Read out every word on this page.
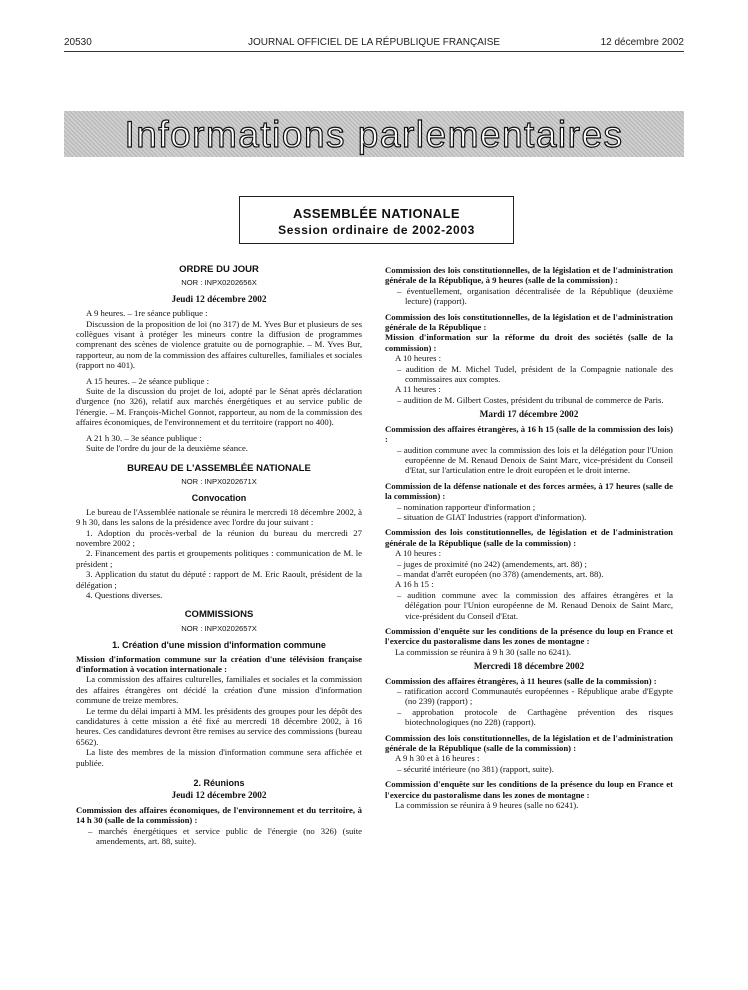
20530	JOURNAL OFFICIEL DE LA RÉPUBLIQUE FRANÇAISE	12 décembre 2002
Informations parlementaires
ASSEMBLÉE NATIONALE
Session ordinaire de 2002-2003
ORDRE DU JOUR
NOR : INPX0202656X
Jeudi 12 décembre 2002

A 9 heures. – 1re séance publique :

Discussion de la proposition de loi (no 317) de M. Yves Bur et plusieurs de ses collègues visant à protéger les mineurs contre la diffusion de programmes comprenant des scènes de violence gratuite ou de pornographie. – M. Yves Bur, rapporteur, au nom de la commission des affaires culturelles, familiales et sociales (rapport no 401).

A 15 heures. – 2e séance publique :

Suite de la discussion du projet de loi, adopté par le Sénat après déclaration d'urgence (no 326), relatif aux marchés énergétiques et au service public de l'énergie. – M. François-Michel Gonnot, rapporteur, au nom de la commission des affaires économiques, de l'environnement et du territoire (rapport no 400).

A 21 h 30. – 3e séance publique :

Suite de l'ordre du jour de la deuxième séance.

BUREAU DE L'ASSEMBLÉE NATIONALE
NOR : INPX0202671X
Convocation

Le bureau de l'Assemblée nationale se réunira le mercredi 18 décembre 2002, à 9 h 30, dans les salons de la présidence avec l'ordre du jour suivant :

1. Adoption du procès-verbal de la réunion du bureau du mercredi 27 novembre 2002 ;

2. Financement des partis et groupements politiques : communication de M. le président ;

3. Application du statut du député : rapport de M. Eric Raoult, président de la délégation ;

4. Questions diverses.

COMMISSIONS
NOR : INPX0202657X
1. Création d'une mission d'information commune

Mission d'information commune sur la création d'une télévision française d'information à vocation internationale :

La commission des affaires culturelles, familiales et sociales et la commission des affaires étrangères ont décidé la création d'une mission d'information commune de treize membres.

Le terme du délai imparti à MM. les présidents des groupes pour les dépôt des candidatures à cette mission a été fixé au mercredi 18 décembre 2002, à 16 heures. Ces candidatures devront être remises au service des commissions (bureau 6562).

La liste des membres de la mission d'information commune sera affichée et publiée.

2. Réunions
Jeudi 12 décembre 2002

Commission des affaires économiques, de l'environnement et du territoire, à 14 h 30 (salle de la commission) :

– marchés énergétiques et service public de l'énergie (no 326) (suite amendements, art. 88, suite).

Commission des lois constitutionnelles, de la législation et de l'administration générale de la République, à 9 heures (salle de la commission) :

– éventuellement, organisation décentralisée de la République (deuxième lecture) (rapport).

Commission des lois constitutionnelles, de la législation et de l'administration générale de la République :

Mission d'information sur la réforme du droit des sociétés (salle de la commission) :

A 10 heures :

– audition de M. Michel Tudel, président de la Compagnie nationale des commissaires aux comptes.

A 11 heures :

– audition de M. Gilbert Costes, président du tribunal de commerce de Paris.

Mardi 17 décembre 2002

Commission des affaires étrangères, à 16 h 15 (salle de la commission des lois) :

– audition commune avec la commission des lois et la délégation pour l'Union européenne de M. Renaud Denoix de Saint Marc, vice-président du Conseil d'Etat, sur l'articulation entre le droit européen et le droit interne.

Commission de la défense nationale et des forces armées, à 17 heures (salle de la commission) :

– nomination rapporteur d'information ;

– situation de GIAT Industries (rapport d'information).

Commission des lois constitutionnelles, de législation et de l'administration générale de la République (salle de la commission) :

A 10 heures :

– juges de proximité (no 242) (amendements, art. 88) ;

– mandat d'arrêt européen (no 378) (amendements, art. 88).

A 16 h 15 :

– audition commune avec la commission des affaires étrangères et la délégation pour l'Union européenne de M. Renaud Denoix de Saint Marc, vice-président du Conseil d'Etat.

Commission d'enquête sur les conditions de la présence du loup en France et l'exercice du pastoralisme dans les zones de montagne :

La commission se réunira à 9 h 30 (salle no 6241).

Mercredi 18 décembre 2002

Commission des affaires étrangères, à 11 heures (salle de la commission) :

– ratification accord Communautés européennes - République arabe d'Egypte (no 239) (rapport) ;

– approbation protocole de Carthagène prévention des risques biotechnologiques (no 228) (rapport).

Commission des lois constitutionnelles, de la législation et de l'administration générale de la République (salle de la commission) :

A 9 h 30 et à 16 heures :

– sécurité intérieure (no 381) (rapport, suite).

Commission d'enquête sur les conditions de la présence du loup en France et l'exercice du pastoralisme dans les zones de montagne :

La commission se réunira à 9 heures (salle no 6241).
